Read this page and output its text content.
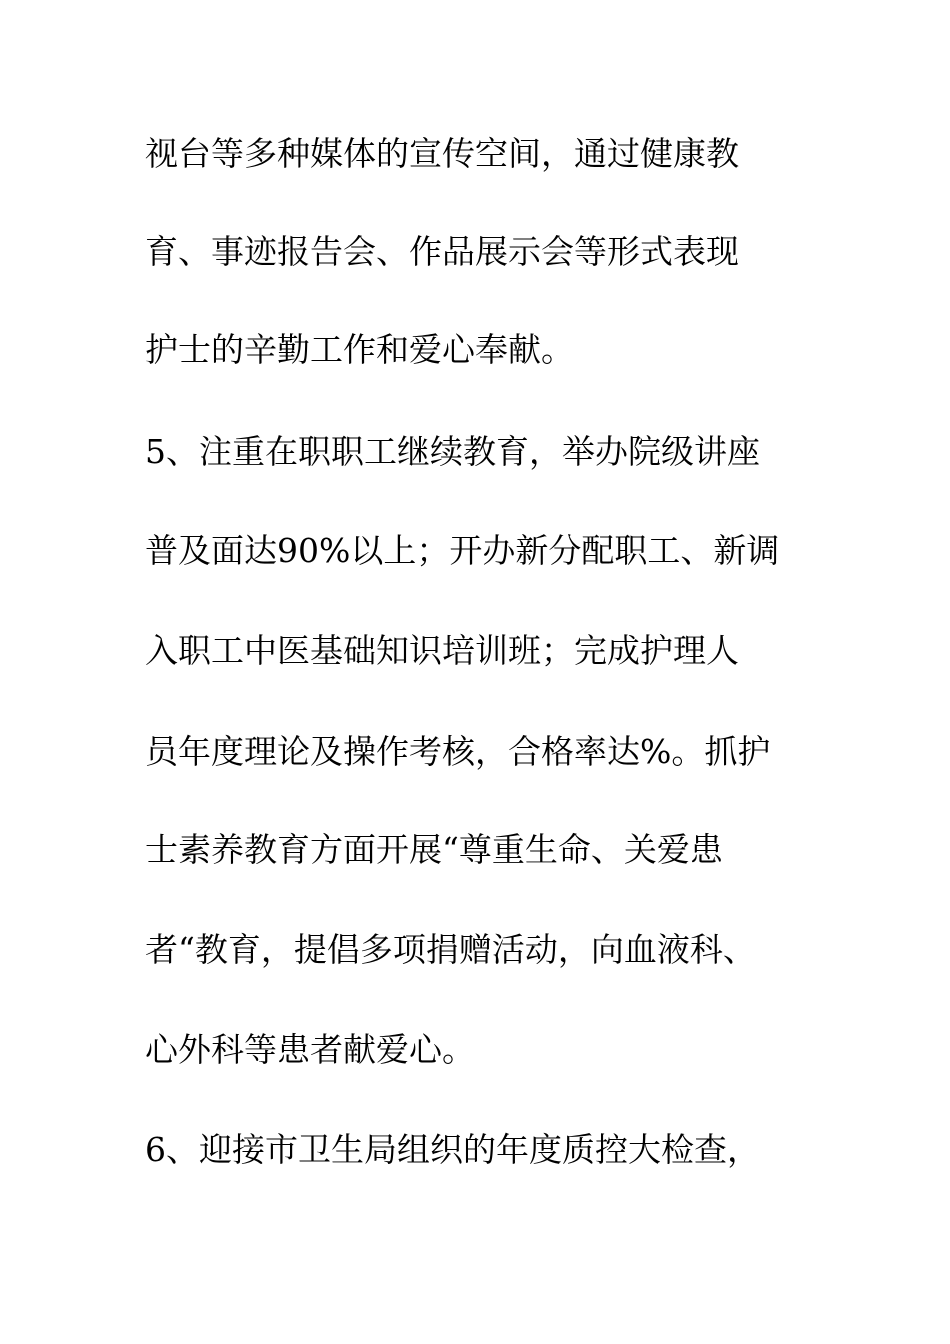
视台等多种媒体的宣传空间，通过健康教
育、事迹报告会、作品展示会等形式表现
护士的辛勤工作和爱心奉献。
5、注重在职职工继续教育，举办院级讲座
普及面达90%以上；开办新分配职工、新调
入职工中医基础知识培训班；完成护理人
员年度理论及操作考核，合格率达%。抓护
士素养教育方面开展“尊重生命、关爱患
者“教育，提倡多项捐赠活动，向血液科、
心外科等患者献爱心。
6、迎接市卫生局组织的年度质控大检查，
